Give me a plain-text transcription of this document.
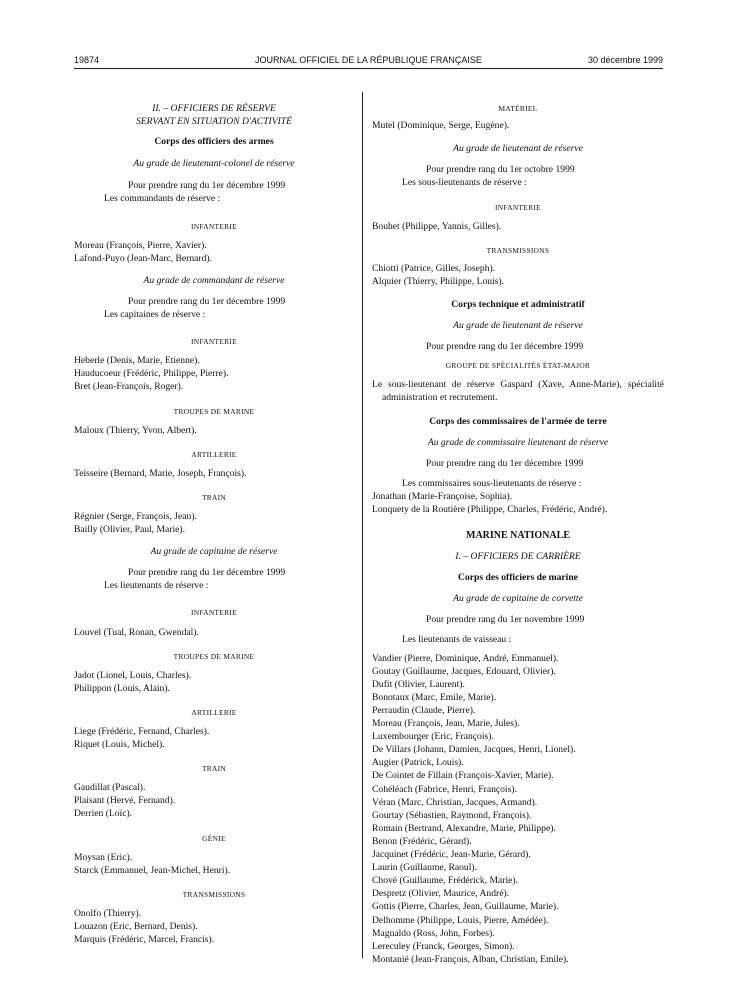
19874	JOURNAL OFFICIEL DE LA RÉPUBLIQUE FRANÇAISE	30 décembre 1999

II. – OFFICIERS DE RÉSERVE

SERVANT EN SITUATION D'ACTIVITÉ

Corps des officiers des armes

Au grade de lieutenant-colonel de réserve

Pour prendre rang du 1er décembre 1999

Les commandants de réserve :

INFANTERIE

Moreau (François, Pierre, Xavier).

Lafond-Puyo (Jean-Marc, Bernard).

Au grade de commandant de réserve

Pour prendre rang du 1er décembre 1999

Les capitaines de réserve :

INFANTERIE

Heberle (Denis, Marie, Etienne).

Hauducoeur (Frédéric, Philippe, Pierre).

Bret (Jean-François, Roger).

TROUPES DE MARINE

Maloux (Thierry, Yvon, Albert).

ARTILLERIE

Teisseire (Bernard, Marie, Joseph, François).

TRAIN

Régnier (Serge, François, Jean).

Bailly (Olivier, Paul, Marie).

Au grade de capitaine de réserve

Pour prendre rang du 1er décembre 1999

Les lieutenants de réserve :

INFANTERIE

Louvel (Tual, Ronan, Gwendal).

TROUPES DE MARINE

Jadot (Lionel, Louis, Charles).

Philippon (Louis, Alain).

ARTILLERIE

Liege (Frédéric, Fernand, Charles).

Riquet (Louis, Michel).

TRAIN

Gaudillat (Pascal).

Plaisant (Hervé, Fernand).

Derrien (Loïc).

GÉNIE

Moysan (Eric).

Starck (Emmanuel, Jean-Michel, Henri).

TRANSMISSIONS

Onolfo (Thierry).

Louazon (Eric, Bernard, Denis).

Marquis (Frédéric, Marcel, Francis).

MATÉRIEL

Mutel (Dominique, Serge, Eugène).

Au grade de lieutenant de réserve

Pour prendre rang du 1er octobre 1999

Les sous-lieutenants de réserve :

INFANTERIE

Bouhet (Philippe, Yannis, Gilles).

TRANSMISSIONS

Chiotti (Patrice, Gilles, Joseph).

Alquier (Thierry, Philippe, Louis).

Corps technique et administratif

Au grade de lieutenant de réserve

Pour prendre rang du 1er décembre 1999

GROUPE DE SPÉCIALITÉS ÉTAT-MAJOR

Le sous-lieutenant de réserve Gaspard (Xave, Anne-Marie), spécialité administration et recrutement.

Corps des commissaires de l'armée de terre

Au grade de commissaire lieutenant de réserve

Pour prendre rang du 1er décembre 1999

Les commissaires sous-lieutenants de réserve :

Jonathan (Marie-Françoise, Sophia).

Lonquety de la Routière (Philippe, Charles, Frédéric, André).

MARINE NATIONALE

I. – OFFICIERS DE CARRIÈRE

Corps des officiers de marine

Au grade de capitaine de corvette

Pour prendre rang du 1er novembre 1999

Les lieutenants de vaisseau :

Vandier (Pierre, Dominique, André, Emmanuel).

Goutay (Guillaume, Jacques, Edouard, Olivier).

Dufit (Olivier, Laurent).

Bonotaux (Marc, Emile, Marie).

Perraudin (Claude, Pierre).

Moreau (François, Jean, Marie, Jules).

Luxembourger (Eric, François).

De Villars (Johann, Damien, Jacques, Henri, Lionel).

Augier (Patrick, Louis).

De Cointet de Fillain (François-Xavier, Marie).

Cohéléach (Fabrice, Henri, François).

Véran (Marc, Christian, Jacques, Armand).

Gourtay (Sébastien, Raymond, François).

Romain (Bertrand, Alexandre, Marie, Philippe).

Benon (Frédéric, Gérard).

Jacquinet (Frédéric, Jean-Marie, Gérard).

Laurin (Guillaume, Raoul).

Chové (Guillaume, Frédérick, Marie).

Despretz (Olivier, Maurice, André).

Gottis (Pierre, Charles, Jean, Guillaume, Marie).

Delhomme (Philippe, Louis, Pierre, Amédée).

Magnaldo (Ross, John, Forbes).

Lereculey (Franck, Georges, Simon).

Montanié (Jean-François, Alban, Christian, Emile).
